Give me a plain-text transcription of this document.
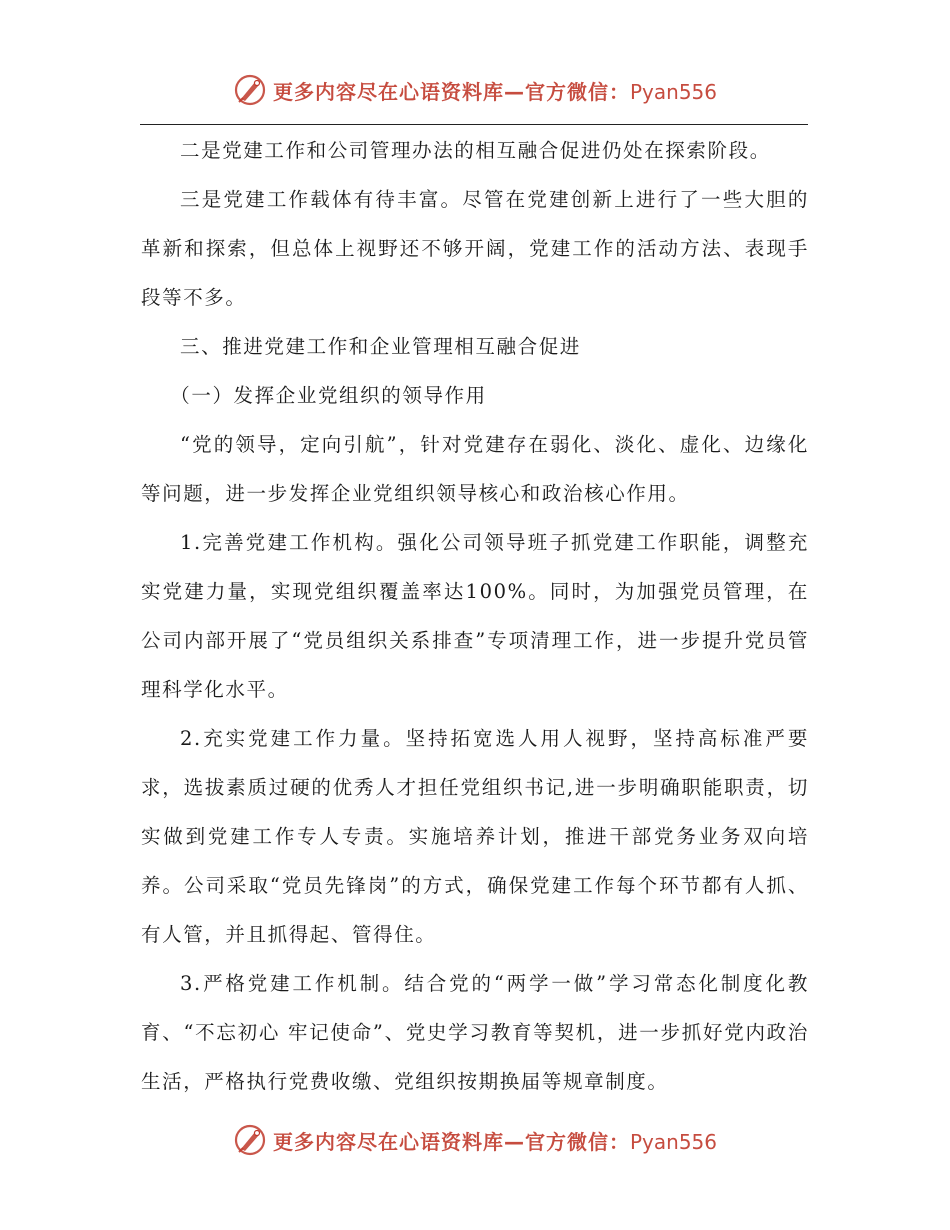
更多内容尽在心语资料库—官方微信：Pyan556

二是党建工作和公司管理办法的相互融合促进仍处在探索阶段。

三是党建工作载体有待丰富。尽管在党建创新上进行了一些大胆的革新和探索，但总体上视野还不够开阔，党建工作的活动方法、表现手段等不多。

三、推进党建工作和企业管理相互融合促进

（一）发挥企业党组织的领导作用

“党的领导，定向引航”，针对党建存在弱化、淡化、虚化、边缘化等问题，进一步发挥企业党组织领导核心和政治核心作用。

1.完善党建工作机构。强化公司领导班子抓党建工作职能，调整充实党建力量，实现党组织覆盖率达100%。同时，为加强党员管理，在公司内部开展了“党员组织关系排查”专项清理工作，进一步提升党员管理科学化水平。

2.充实党建工作力量。坚持拓宽选人用人视野，坚持高标准严要求，选拔素质过硬的优秀人才担任党组织书记,进一步明确职能职责，切实做到党建工作专人专责。实施培养计划，推进干部党务业务双向培养。公司采取“党员先锋岗”的方式，确保党建工作每个环节都有人抓、有人管，并且抓得起、管得住。

3.严格党建工作机制。结合党的“两学一做”学习常态化制度化教育、“不忘初心 牢记使命”、党史学习教育等契机，进一步抓好党内政治生活，严格执行党费收缴、党组织按期换届等规章制度。

更多内容尽在心语资料库—官方微信：Pyan556
